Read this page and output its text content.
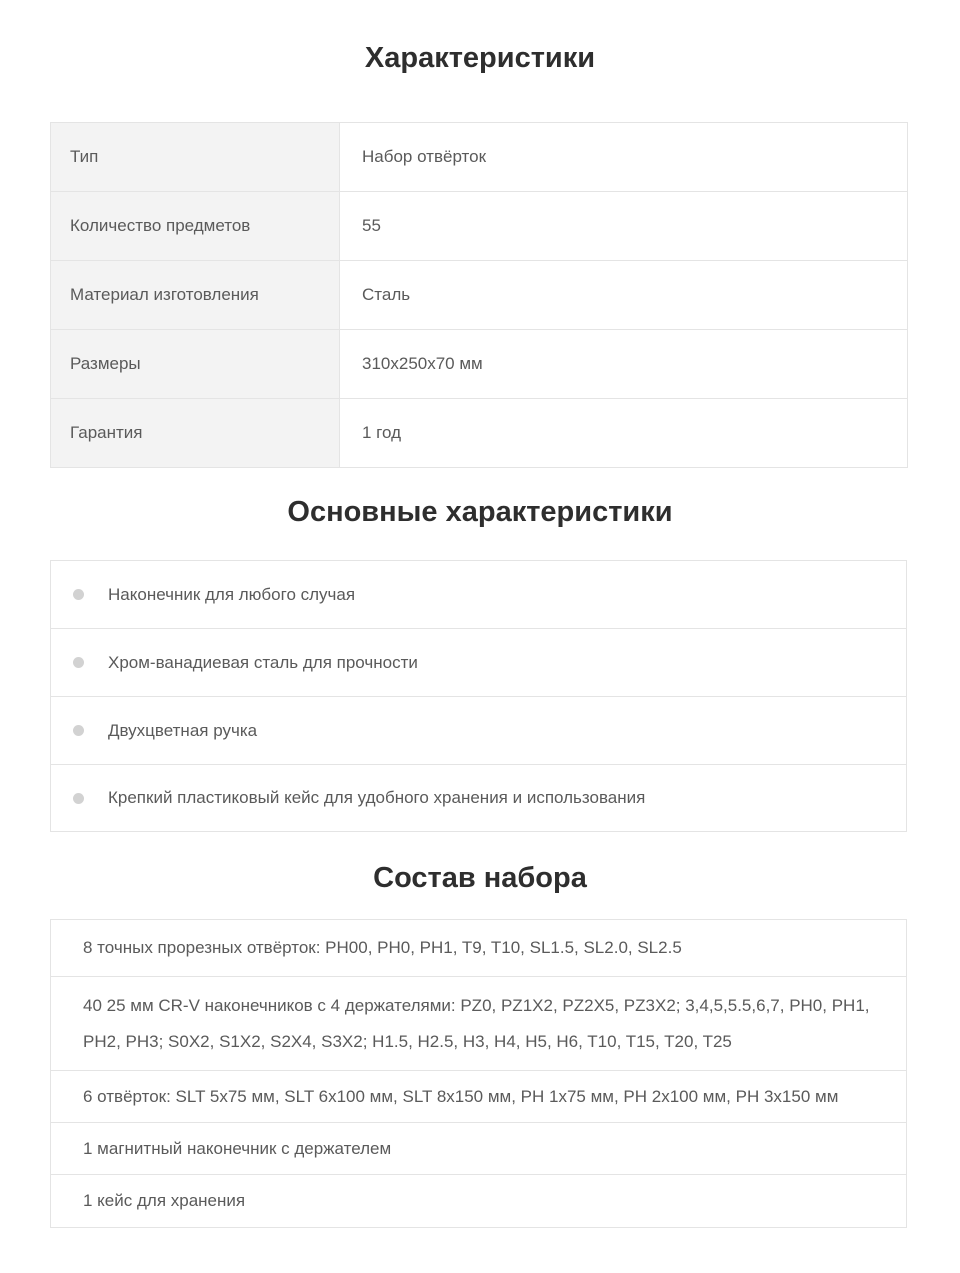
Характеристики
Тип	Набор отвёрток
Количество предметов	55
Материал изготовления	Сталь
Размеры	310х250х70 мм
Гарантия	1 год
Основные характеристики
Наконечник для любого случая
Хром-ванадиевая сталь для прочности
Двухцветная ручка
Крепкий пластиковый кейс для удобного хранения и использования
Состав набора
8 точных прорезных отвёрток: PH00, PH0, PH1, T9, T10, SL1.5, SL2.0, SL2.5
40 25 мм CR-V наконечников с 4 держателями: PZ0, PZ1X2, PZ2X5, PZ3X2; 3,4,5,5.5,6,7, PH0, PH1, PH2, PH3; S0X2, S1X2, S2X4, S3X2; H1.5, H2.5, H3, H4, H5, H6, T10, T15, T20, T25
6 отвёрток: SLT 5х75 мм, SLT 6х100 мм, SLT 8х150 мм, PH 1х75 мм, PH 2х100 мм, PH 3х150 мм
1 магнитный наконечник с держателем
1 кейс для хранения
